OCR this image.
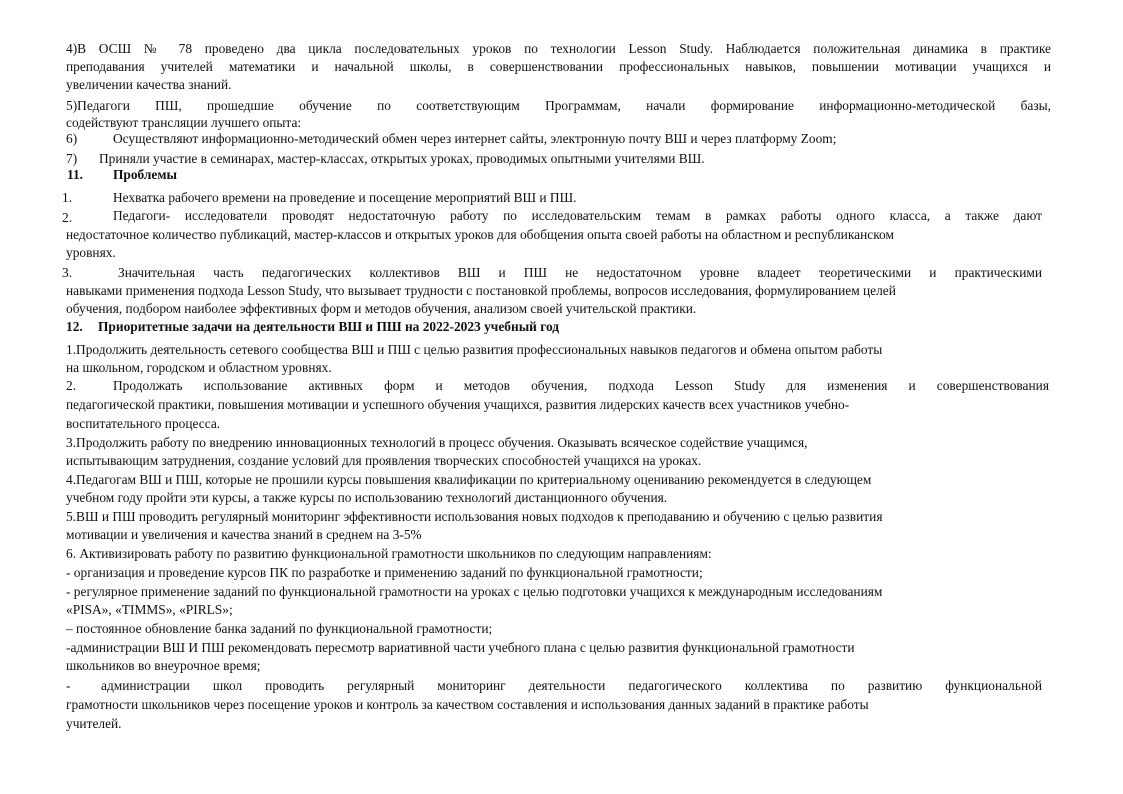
4)В ОСШ № 78 проведено два цикла последовательных уроков по технологии Lesson Study. Наблюдается положительная динамика в практике
преподавания учителей математики и начальной школы, в совершенствовании профессиональных навыков, повышении мотивации учащихся и
увеличении качества знаний.
5)Педагоги ПШ, прошедшие обучение по соответствующим Программам, начали формирование информационно-методической базы,
содействуют трансляции лучшего опыта:
6)	Осуществляют информационно-методический обмен через интернет сайты, электронную почту ВШ и через платформу Zoom;
7) Приняли участие в семинарах, мастер-классах, открытых уроках, проводимых опытными учителями ВШ.
11. Проблемы
1.	Нехватка рабочего времени на проведение и посещение мероприятий ВШ и ПШ.
2.	Педагоги- исследователи проводят недостаточную работу по исследовательским темам в рамках работы одного класса, а также дают
недостаточное количество публикаций, мастер-классов и открытых уроков для обобщения опыта своей работы на областном и республиканском
уровнях.
3.	Значительная часть педагогических коллективов ВШ и ПШ не недостаточном уровне владеет теоретическими и практическими
навыками применения подхода Lesson Study, что вызывает трудности с постановкой проблемы, вопросов исследования, формулированием целей
обучения, подбором наиболее эффективных форм и методов обучения, анализом своей учительской практики.
12. Приоритетные задачи на деятельности ВШ и ПШ на 2022-2023 учебный год
1.Продолжить деятельность сетевого сообщества ВШ и ПШ с целью развития профессиональных навыков педагогов и обмена опытом работы
на школьном, городском и областном уровнях.
2.	Продолжать использование активных форм и методов обучения, подхода Lesson Study для изменения и совершенствования
педагогической практики, повышения мотивации и успешного обучения учащихся, развития лидерских качеств всех участников учебно-
воспитательного процесса.
3.Продолжить работу по внедрению инновационных технологий в процесс обучения. Оказывать всяческое содействие учащимся,
испытывающим затруднения, создание условий для проявления творческих способностей учащихся на уроках.
4.Педагогам ВШ и ПШ, которые не прошили курсы повышения квалификации по критериальному оцениванию рекомендуется в следующем
учебном году пройти эти курсы, а также курсы по использованию технологий дистанционного обучения.
5.ВШ и ПШ проводить регулярный мониторинг эффективности использования новых подходов к преподаванию и обучению с целью развития
мотивации и увеличения и качества знаний в среднем на 3-5%
6. Активизировать работу по развитию функциональной грамотности школьников по следующим направлениям:
- организация и проведение курсов ПК по разработке и применению заданий по функциональной грамотности;
- регулярное применение заданий по функциональной грамотности на уроках с целью подготовки учащихся к международным исследованиям
«PISA», «TIMMS», «PIRLS»;
– постоянное обновление банка заданий по функциональной грамотности;
-администрации ВШ И ПШ рекомендовать пересмотр вариативной части учебного плана с целью развития функциональной грамотности
школьников во внеурочное время;
- администрации школ проводить регулярный мониторинг деятельности педагогического коллектива по развитию функциональной
грамотности школьников через посещение уроков и контроль за качеством составления и использования данных заданий в практике работы
учителей.
